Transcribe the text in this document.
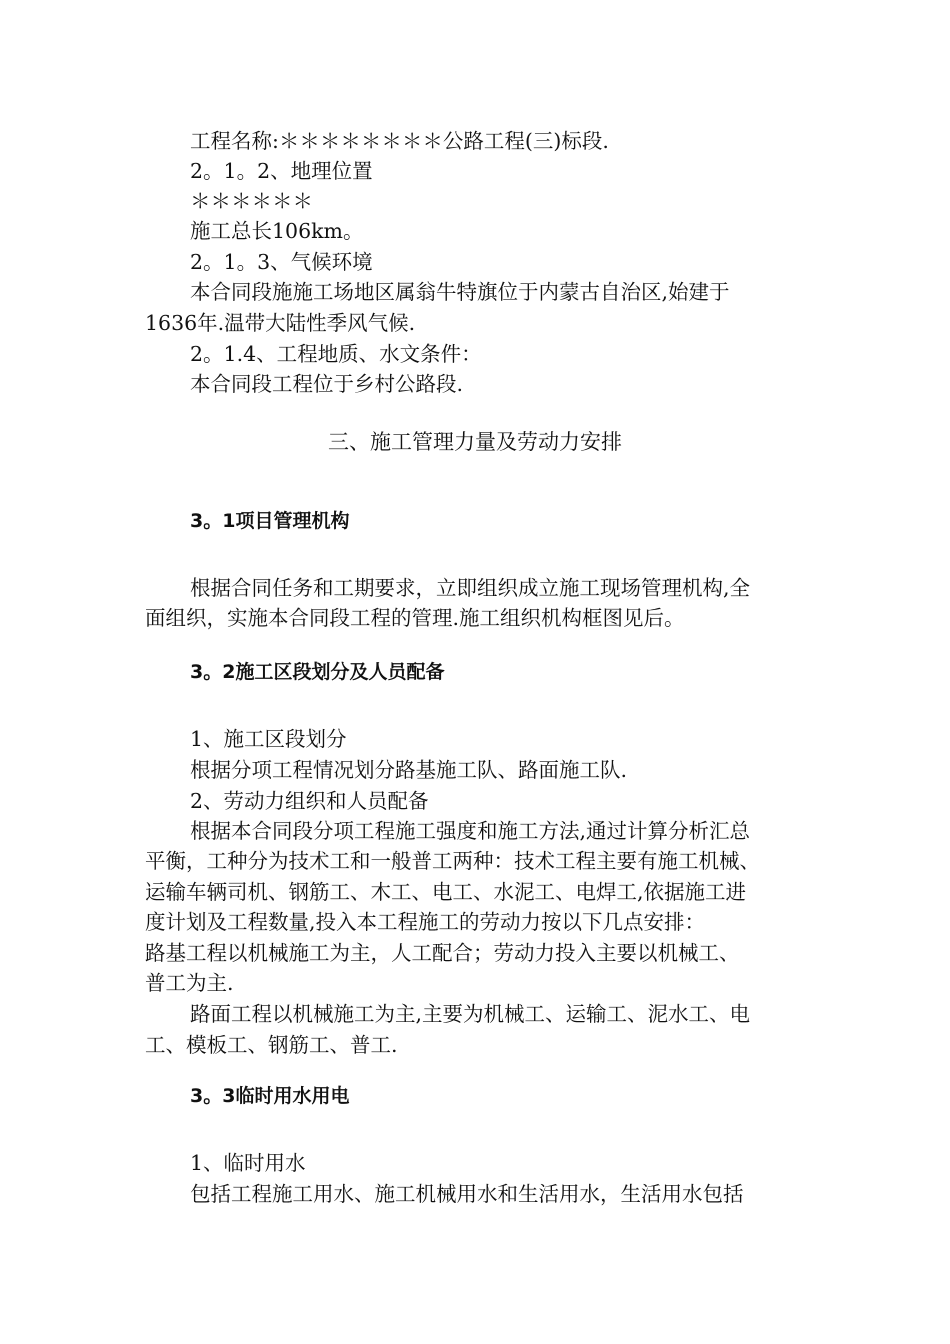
工程名称:＊＊＊＊＊＊＊＊公路工程(三)标段.

2。1。2、地理位置

＊＊＊＊＊＊

施工总长106km。

2。1。3、气候环境

本合同段施施工场地区属翁牛特旗位于内蒙古自治区,始建于

1636年.温带大陆性季风气候.

2。1.4、工程地质、水文条件：

本合同段工程位于乡村公路段.

三、施工管理力量及劳动力安排

3。1项目管理机构

根据合同任务和工期要求，立即组织成立施工现场管理机构,全

面组织，实施本合同段工程的管理.施工组织机构框图见后。

3。2施工区段划分及人员配备

1、施工区段划分

根据分项工程情况划分路基施工队、路面施工队.

2、劳动力组织和人员配备

根据本合同段分项工程施工强度和施工方法,通过计算分析汇总

平衡，工种分为技术工和一般普工两种：技术工程主要有施工机械、

运输车辆司机、钢筋工、木工、电工、水泥工、电焊工,依据施工进

度计划及工程数量,投入本工程施工的劳动力按以下几点安排：

路基工程以机械施工为主，人工配合；劳动力投入主要以机械工、

普工为主.

路面工程以机械施工为主,主要为机械工、运输工、泥水工、电

工、模板工、钢筋工、普工.

3。3临时用水用电

1、临时用水

包括工程施工用水、施工机械用水和生活用水，生活用水包括
